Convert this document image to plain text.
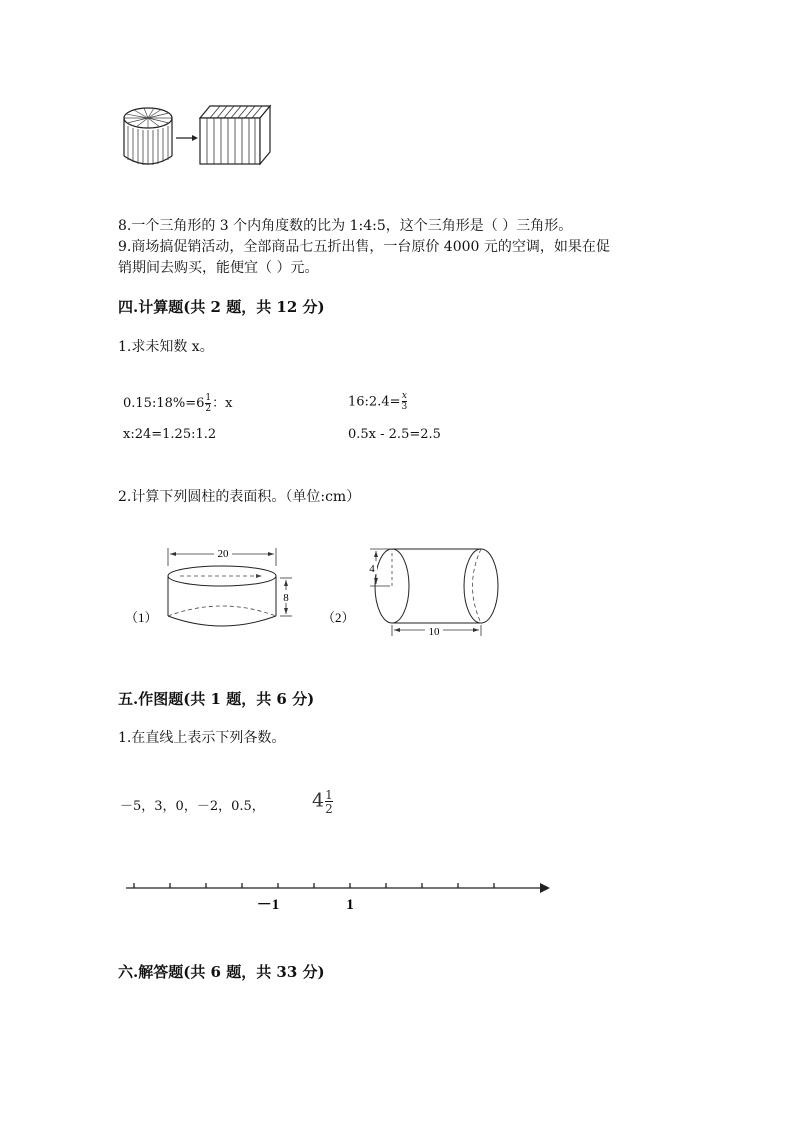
→
8.一个三角形的 3 个内角度数的比为 1:4:5，这个三角形是（ ）三角形。
9.商场搞促销活动，全部商品七五折出售，一台原价 4000 元的空调，如果在促
销期间去购买，能便宜（ ）元。
四.计算题(共 2 题，共 12 分)
1.求未知数 x。
0.15:18%=6 $\frac{1}{2}$ ：x	16:2.4= $\frac{x}{3}$
x:24=1.25:1.2	0.5x - 2.5=2.5
2.计算下列圆柱的表面积。（单位:cm）
（1）
20
8
（2）
4
10
五.作图题(共 1 题，共 6 分)
1.在直线上表示下列各数。
－5，3，0，－2，0.5， $4 \frac{1}{2}$
－1	1
六.解答题(共 6 题，共 33 分)
